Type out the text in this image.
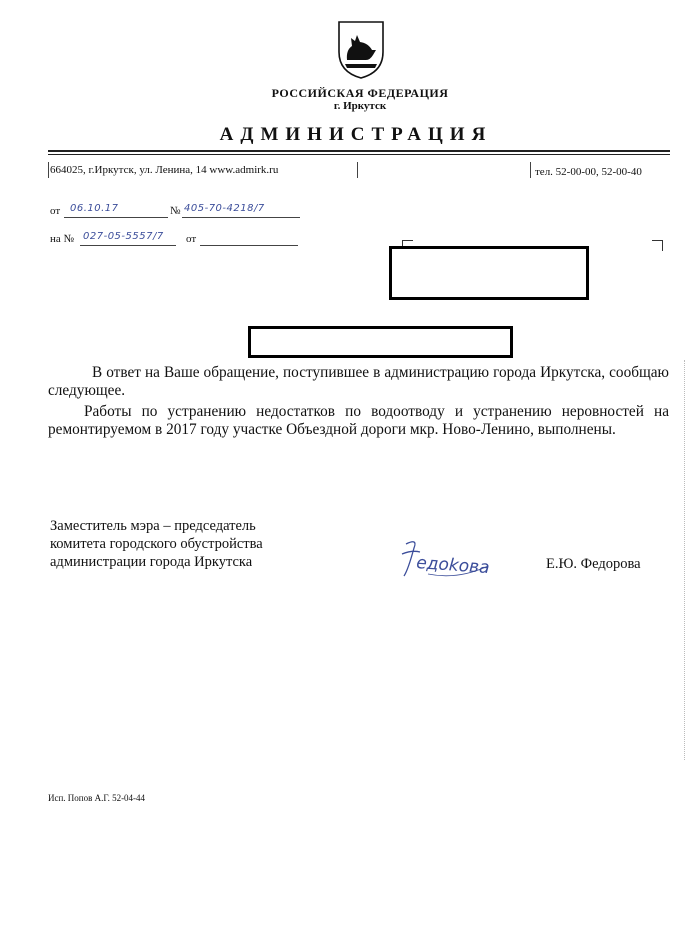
РОССИЙСКАЯ ФЕДЕРАЦИЯ
г. Иркутск
АДМИНИСТРАЦИЯ
664025, г.Иркутск, ул. Ленина, 14 www.admirk.ru	тел. 52-00-00, 52-00-40
от 06.10.17	№ 405-70-4218/7
на № 027-05-5557/7 от
В ответ на Ваше обращение, поступившее в администрацию города Иркутска, сообщаю следующее.
Работы по устранению недостатков по водоотводу и устранению неровностей на ремонтируемом в 2017 году участке Объездной дороги мкр. Ново-Ленино, выполнены.
Заместитель мэра – председатель
комитета городского обустройства
администрации города Иркутска	едоkова	Е.Ю. Федорова
Исп. Попов А.Г. 52-04-44
